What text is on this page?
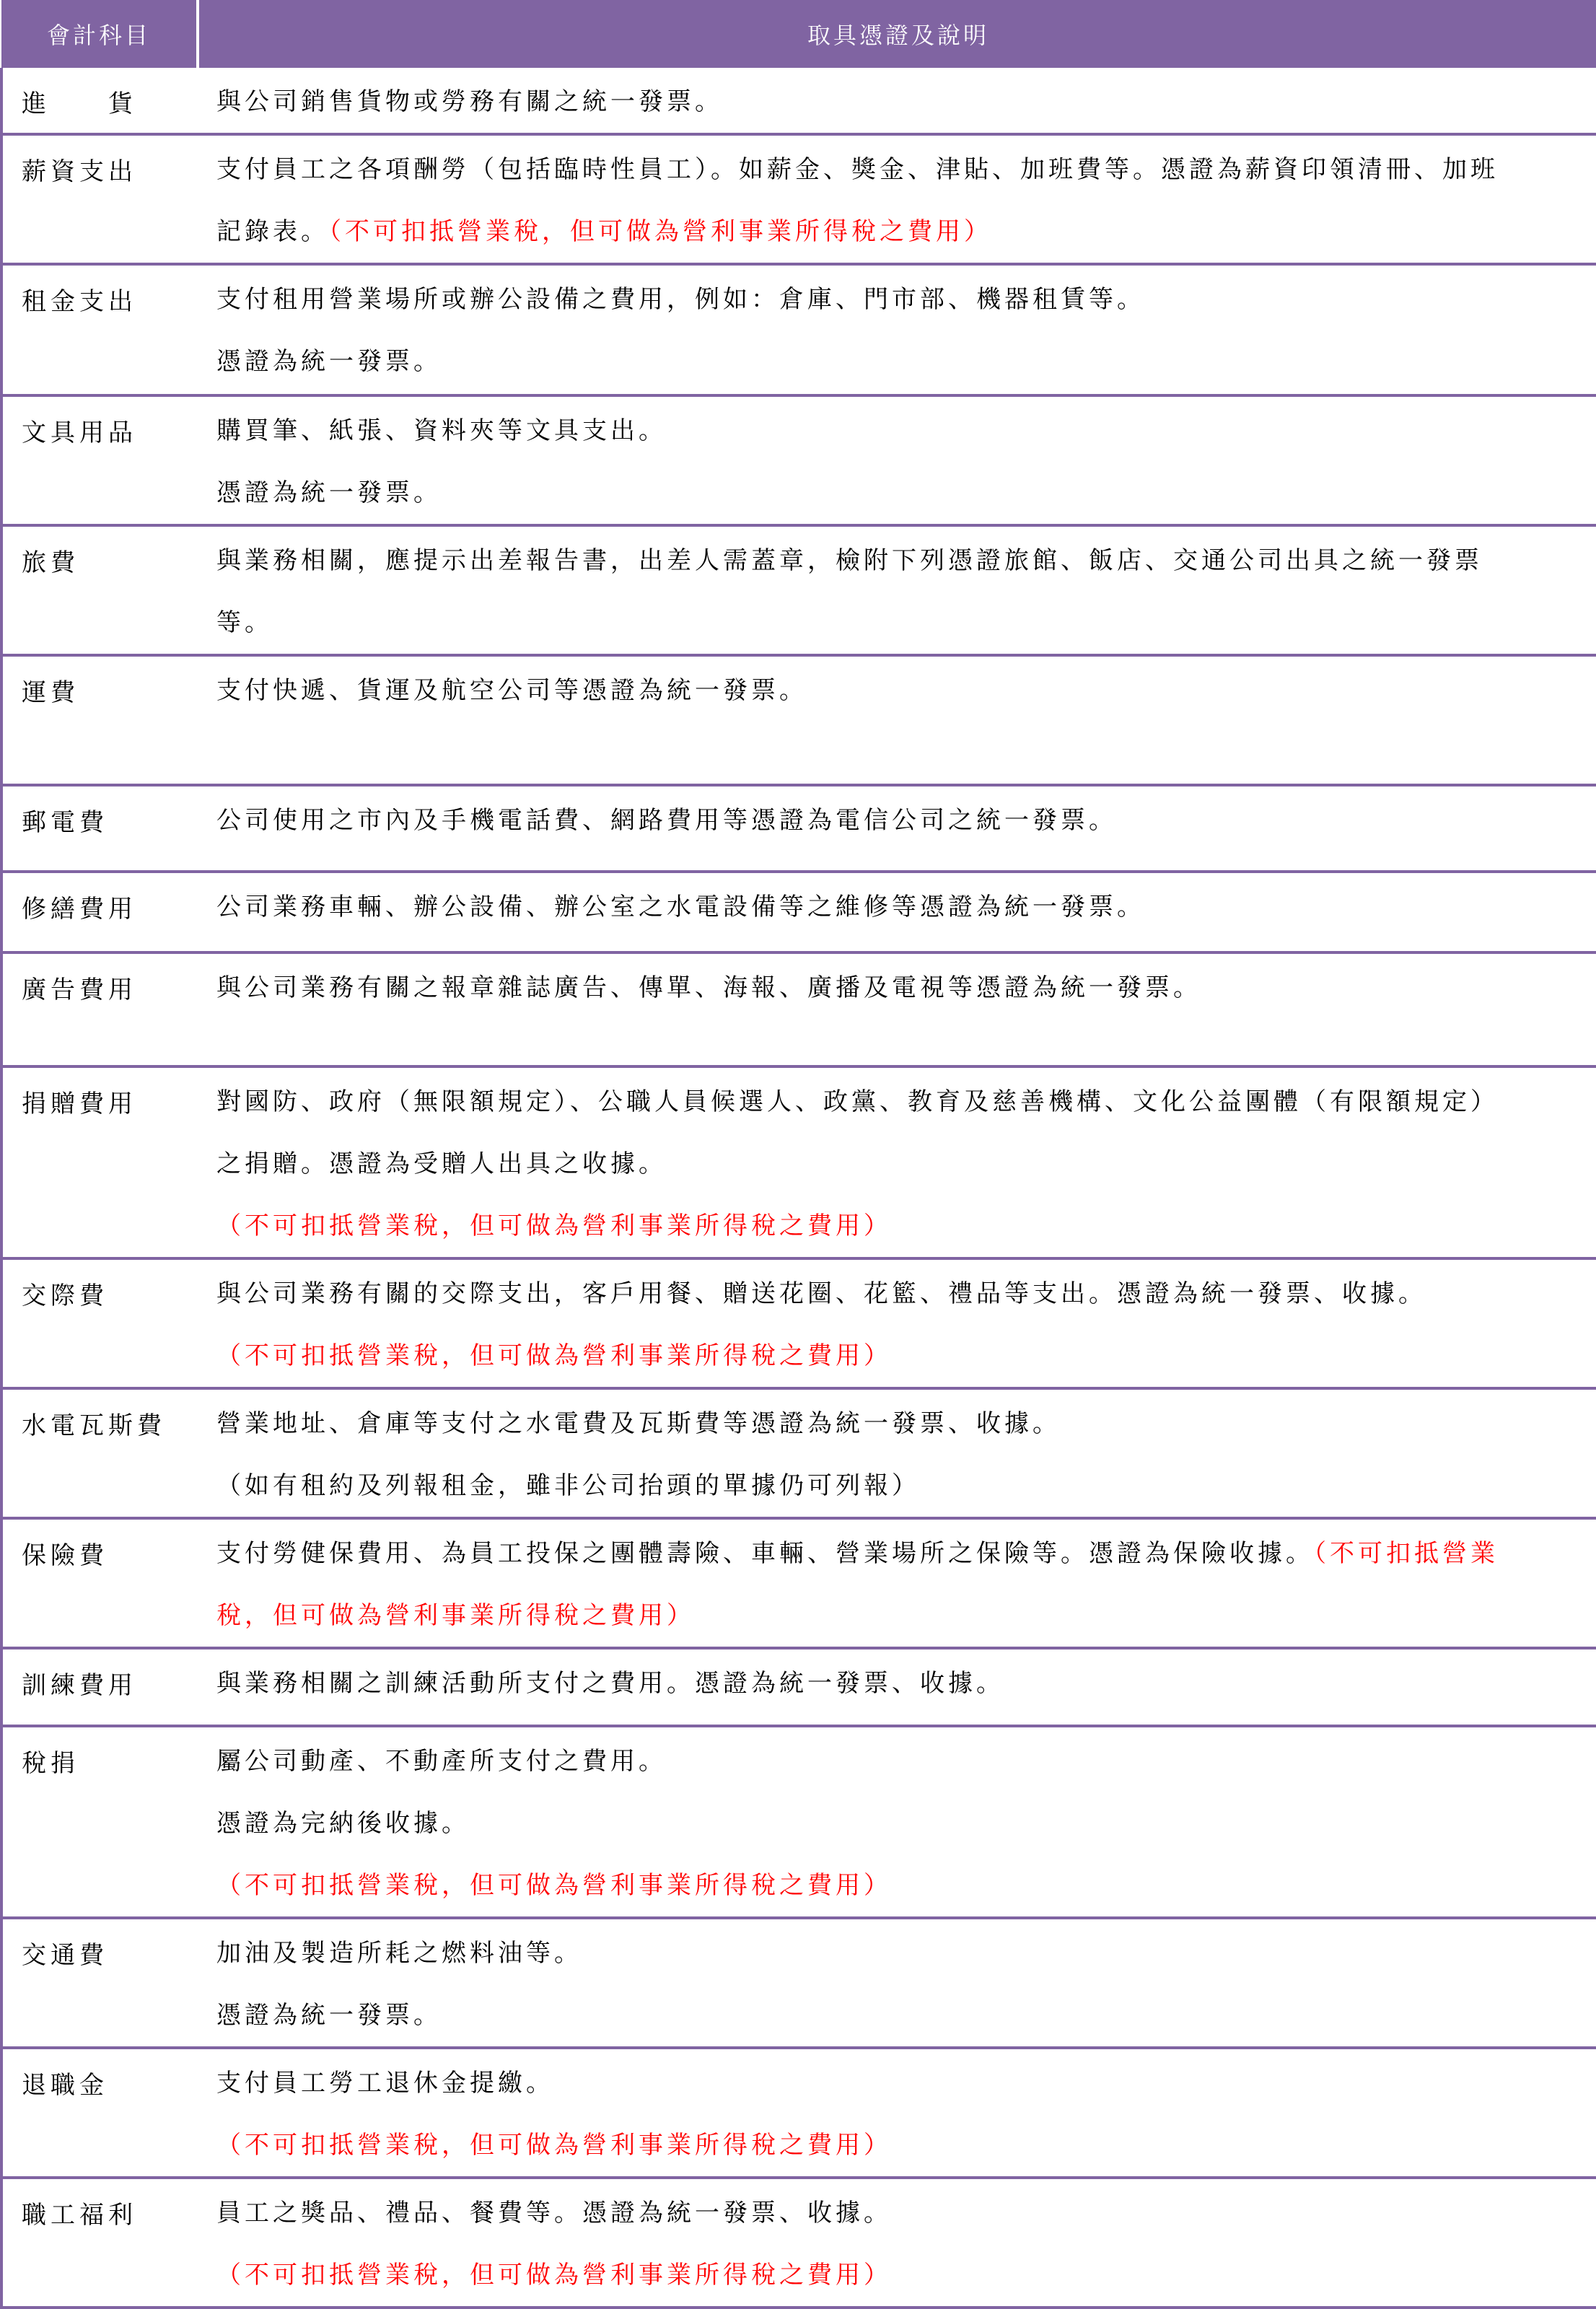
會計科目	取具憑證及說明

進　　貨	與公司銷售貨物或勞務有關之統一發票。

薪資支出	支付員工之各項酬勞（包括臨時性員工）。如薪金、獎金、津貼、加班費等。憑證為薪資印領清冊、加班
記錄表。（不可扣抵營業稅，但可做為營利事業所得稅之費用）

租金支出	支付租用營業場所或辦公設備之費用，例如：倉庫、門市部、機器租賃等。
憑證為統一發票。

文具用品	購買筆、紙張、資料夾等文具支出。
憑證為統一發票。

旅費	與業務相關，應提示出差報告書，出差人需蓋章，檢附下列憑證旅館、飯店、交通公司出具之統一發票
等。

運費	支付快遞、貨運及航空公司等憑證為統一發票。

郵電費	公司使用之市內及手機電話費、網路費用等憑證為電信公司之統一發票。

修繕費用	公司業務車輛、辦公設備、辦公室之水電設備等之維修等憑證為統一發票。

廣告費用	與公司業務有關之報章雜誌廣告、傳單、海報、廣播及電視等憑證為統一發票。

捐贈費用	對國防、政府（無限額規定）、公職人員候選人、政黨、教育及慈善機構、文化公益團體（有限額規定）
之捐贈。憑證為受贈人出具之收據。
（不可扣抵營業稅，但可做為營利事業所得稅之費用）

交際費	與公司業務有關的交際支出，客戶用餐、贈送花圈、花籃、禮品等支出。憑證為統一發票、收據。
（不可扣抵營業稅，但可做為營利事業所得稅之費用）

水電瓦斯費	營業地址、倉庫等支付之水電費及瓦斯費等憑證為統一發票、收據。
（如有租約及列報租金，雖非公司抬頭的單據仍可列報）

保險費	支付勞健保費用、為員工投保之團體壽險、車輛、營業場所之保險等。憑證為保險收據。（不可扣抵營業
稅，但可做為營利事業所得稅之費用）

訓練費用	與業務相關之訓練活動所支付之費用。憑證為統一發票、收據。

稅捐	屬公司動產、不動產所支付之費用。
憑證為完納後收據。
（不可扣抵營業稅，但可做為營利事業所得稅之費用）

交通費	加油及製造所耗之燃料油等。
憑證為統一發票。

退職金	支付員工勞工退休金提繳。
（不可扣抵營業稅，但可做為營利事業所得稅之費用）

職工福利	員工之獎品、禮品、餐費等。憑證為統一發票、收據。
（不可扣抵營業稅，但可做為營利事業所得稅之費用）
